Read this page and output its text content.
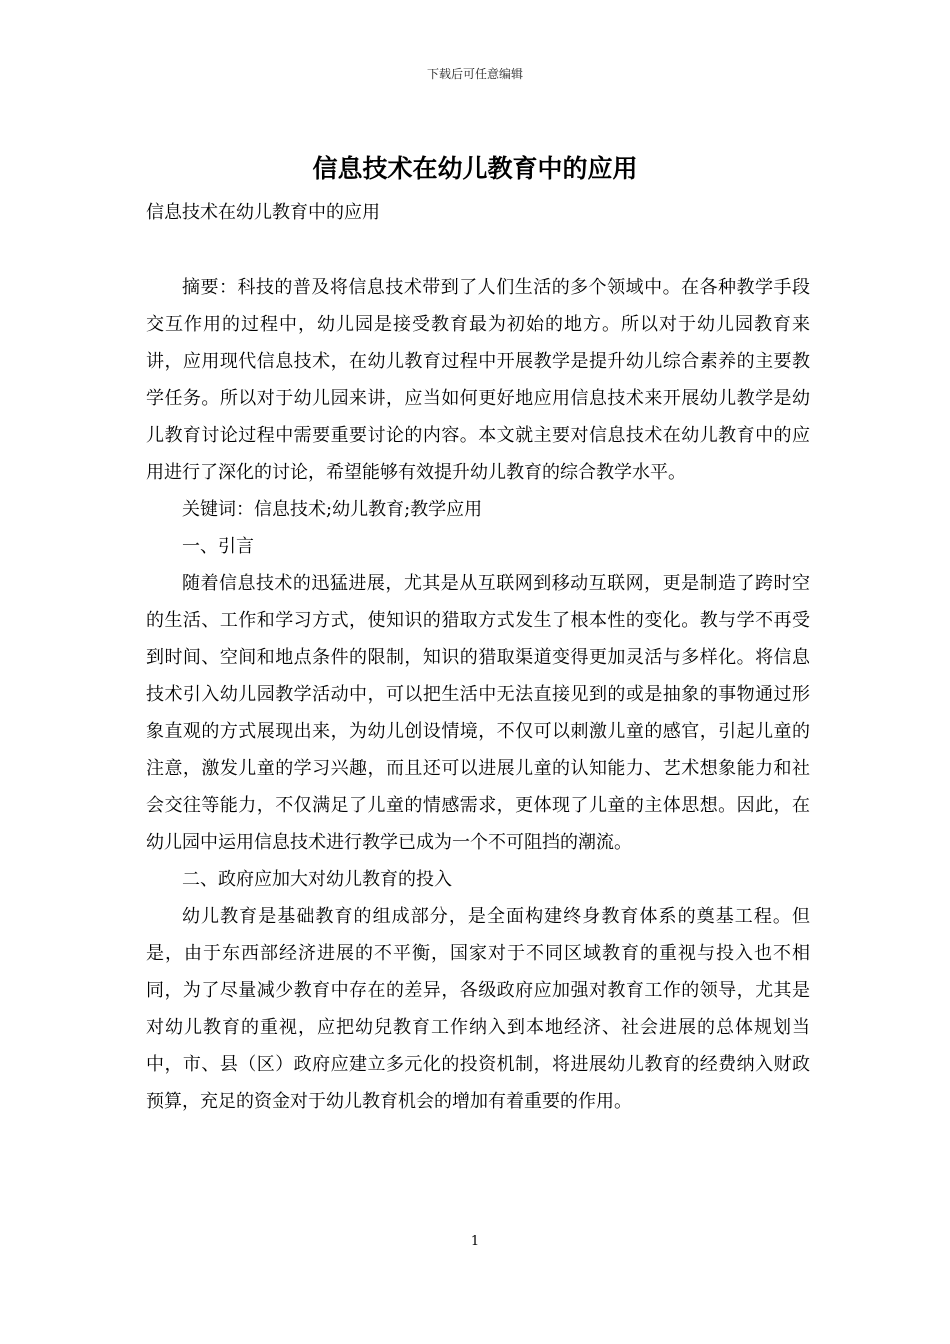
下载后可任意编辑
信息技术在幼儿教育中的应用
信息技术在幼儿教育中的应用

摘要：科技的普及将信息技术带到了人们生活的多个领域中。在各种教学手段交互作用的过程中，幼儿园是接受教育最为初始的地方。所以对于幼儿园教育来讲，应用现代信息技术，在幼儿教育过程中开展教学是提升幼儿综合素养的主要教学任务。所以对于幼儿园来讲，应当如何更好地应用信息技术来开展幼儿教学是幼儿教育讨论过程中需要重要讨论的内容。本文就主要对信息技术在幼儿教育中的应用进行了深化的讨论，希望能够有效提升幼儿教育的综合教学水平。

关键词：信息技术;幼儿教育;教学应用

一、引言

随着信息技术的迅猛进展，尤其是从互联网到移动互联网，更是制造了跨时空的生活、工作和学习方式，使知识的猎取方式发生了根本性的变化。教与学不再受到时间、空间和地点条件的限制，知识的猎取渠道变得更加灵活与多样化。将信息技术引入幼儿园教学活动中，可以把生活中无法直接见到的或是抽象的事物通过形象直观的方式展现出来，为幼儿创设情境，不仅可以刺激儿童的感官，引起儿童的注意，激发儿童的学习兴趣，而且还可以进展儿童的认知能力、艺术想象能力和社会交往等能力，不仅满足了儿童的情感需求，更体现了儿童的主体思想。因此，在幼儿园中运用信息技术进行教学已成为一个不可阻挡的潮流。

二、政府应加大对幼儿教育的投入

幼儿教育是基础教育的组成部分，是全面构建终身教育体系的奠基工程。但是，由于东西部经济进展的不平衡，国家对于不同区域教育的重视与投入也不相同，为了尽量减少教育中存在的差异，各级政府应加强对教育工作的领导，尤其是对幼儿教育的重视，应把幼兒教育工作纳入到本地经济、社会进展的总体规划当中，市、县（区）政府应建立多元化的投资机制，将进展幼儿教育的经费纳入财政预算，充足的资金对于幼儿教育机会的增加有着重要的作用。

1
